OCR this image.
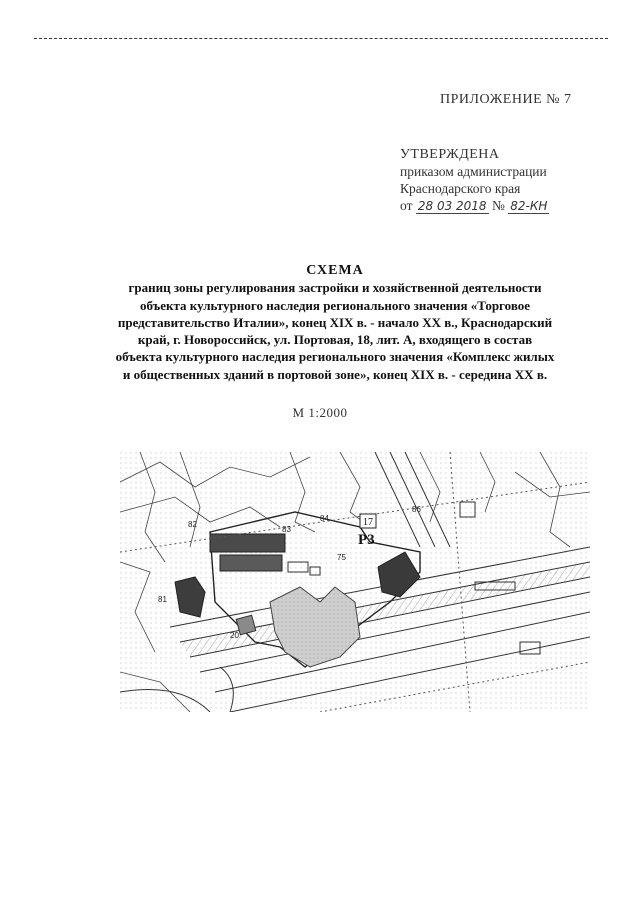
ПРИЛОЖЕНИЕ № 7
УТВЕРЖДЕНА
приказом администрации
Краснодарского края
от 28 03 2018 № 82-КН
СХЕМА
границ зоны регулирования застройки и хозяйственной деятельности
объекта культурного наследия регионального значения «Торговое
представительство Италии», конец XIX в. - начало XX в., Краснодарский
край, г. Новороссийск, ул. Портовая, 18, лит. А, входящего в состав
объекта культурного наследия регионального значения «Комплекс жилых
и общественных зданий в портовой зоне», конец XIX в. - середина XX в.
М 1:2000
82
83
84
86
75
81
20
17
Р3
